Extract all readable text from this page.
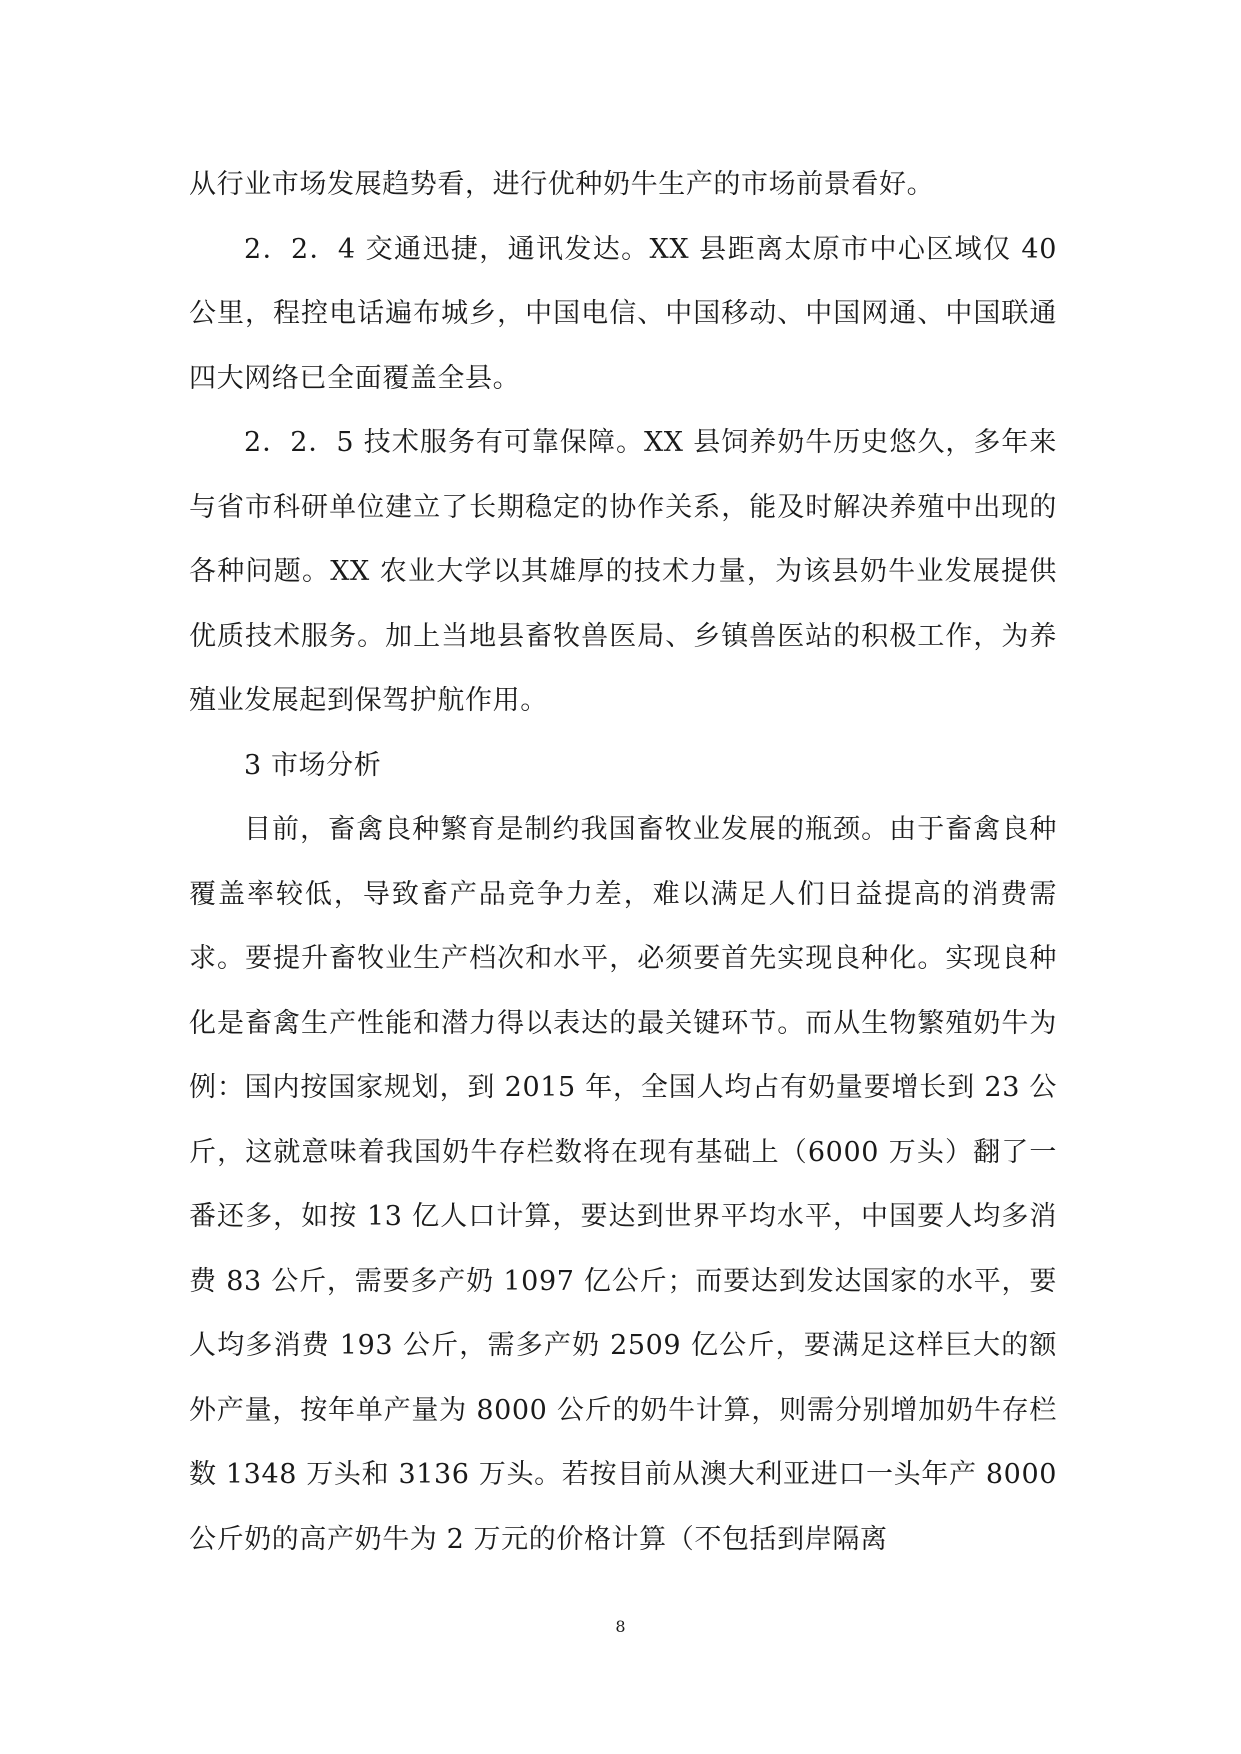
从行业市场发展趋势看，进行优种奶牛生产的市场前景看好。

2．2．4 交通迅捷，通讯发达。XX 县距离太原市中心区域仅 40 公里，程控电话遍布城乡，中国电信、中国移动、中国网通、中国联通四大网络已全面覆盖全县。

2．2．5 技术服务有可靠保障。XX 县饲养奶牛历史悠久，多年来与省市科研单位建立了长期稳定的协作关系，能及时解决养殖中出现的各种问题。XX 农业大学以其雄厚的技术力量，为该县奶牛业发展提供优质技术服务。加上当地县畜牧兽医局、乡镇兽医站的积极工作，为养殖业发展起到保驾护航作用。

3 市场分析

目前，畜禽良种繁育是制约我国畜牧业发展的瓶颈。由于畜禽良种覆盖率较低，导致畜产品竞争力差，难以满足人们日益提高的消费需求。要提升畜牧业生产档次和水平，必须要首先实现良种化。实现良种化是畜禽生产性能和潜力得以表达的最关键环节。而从生物繁殖奶牛为例：国内按国家规划，到 2015 年，全国人均占有奶量要增长到 23 公斤，这就意味着我国奶牛存栏数将在现有基础上（6000 万头）翻了一番还多，如按 13 亿人口计算，要达到世界平均水平，中国要人均多消费 83 公斤，需要多产奶 1097 亿公斤；而要达到发达国家的水平，要人均多消费 193 公斤，需多产奶 2509 亿公斤，要满足这样巨大的额外产量，按年单产量为 8000 公斤的奶牛计算，则需分别增加奶牛存栏数 1348 万头和 3136 万头。若按目前从澳大利亚进口一头年产 8000 公斤奶的高产奶牛为 2 万元的价格计算（不包括到岸隔离

8
